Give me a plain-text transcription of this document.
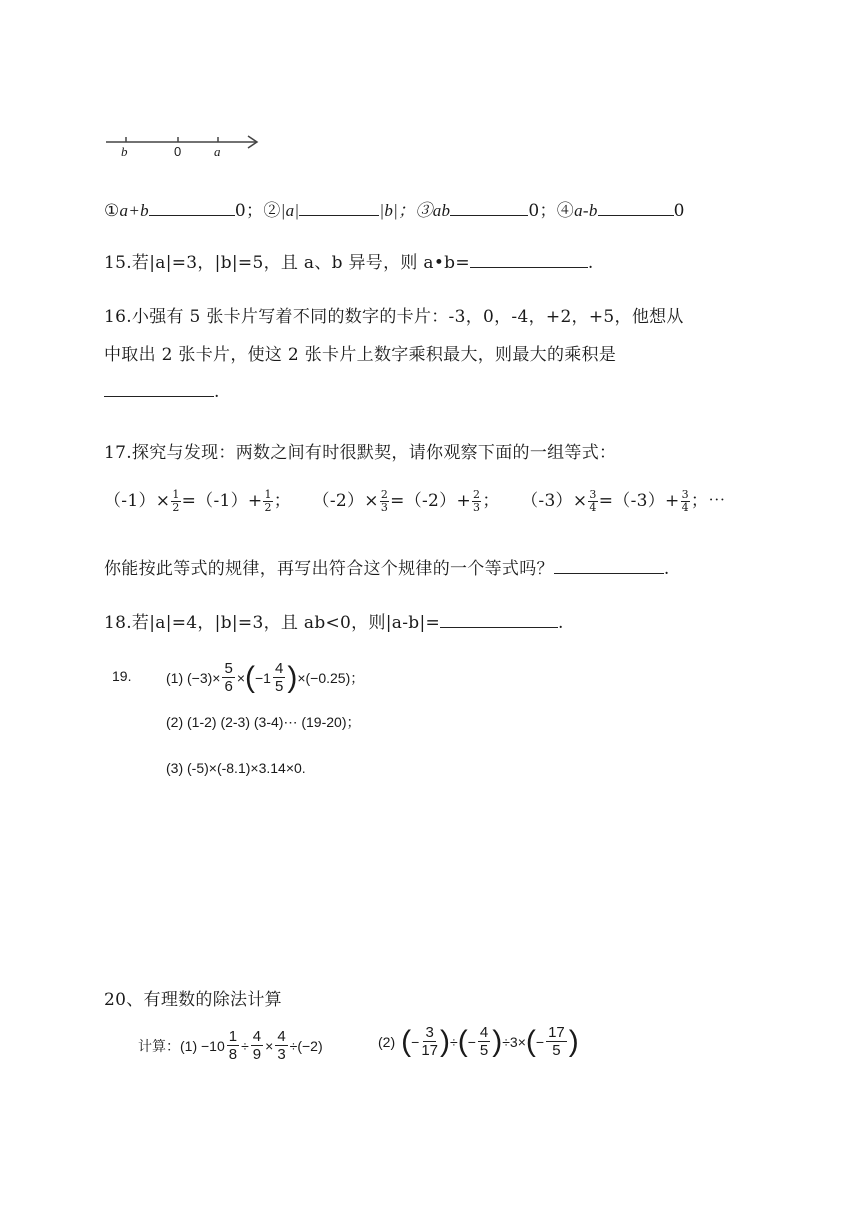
b	0	a
①a+b	0；②|a|	|b|；③ab	0；④a-b	0
15.若|a|=3，|b|=5，且 a、b 异号，则 a•b=	.
16.小强有 5 张卡片写着不同的数字的卡片：-3，0，-4，+2，+5，他想从
中取出 2 张卡片，使这 2 张卡片上数字乘积最大，则最大的乘积是
.
17.探究与发现：两数之间有时很默契，请你观察下面的一组等式：
$(-1)\times \frac{1}{2} =(-1)+ \frac{1}{2}$ ； $(-2)\times \frac{2}{3} =(-2)+ \frac{2}{3}$ ； $(-3)\times \frac{3}{4} =(-3)+ \frac{3}{4}$ ；⋯
你能按此等式的规律，再写出符合这个规律的一个等式吗？	.
18.若|a|=4，|b|=3，且 ab<0，则|a-b|=	.
19. (1) $(-3)\times \frac{5}{6}$ × ( $-1 \frac{4}{5}$ ) ×(−0.25)；
(2) (1-2) (2-3) (3-4)⋯ (19-20)；
(3) (-5)×(-8.1)×3.14×0.
20、有理数的除法计算
计算： $(1) -10 \frac{1}{8} \div \frac{4}{9} \times \frac{4}{3} \div(-2)$	(2) ( − $\frac{3}{17}$ ) ÷ ( − $\frac{4}{5}$ ) ÷3× ( − $\frac{17}{5}$ )
